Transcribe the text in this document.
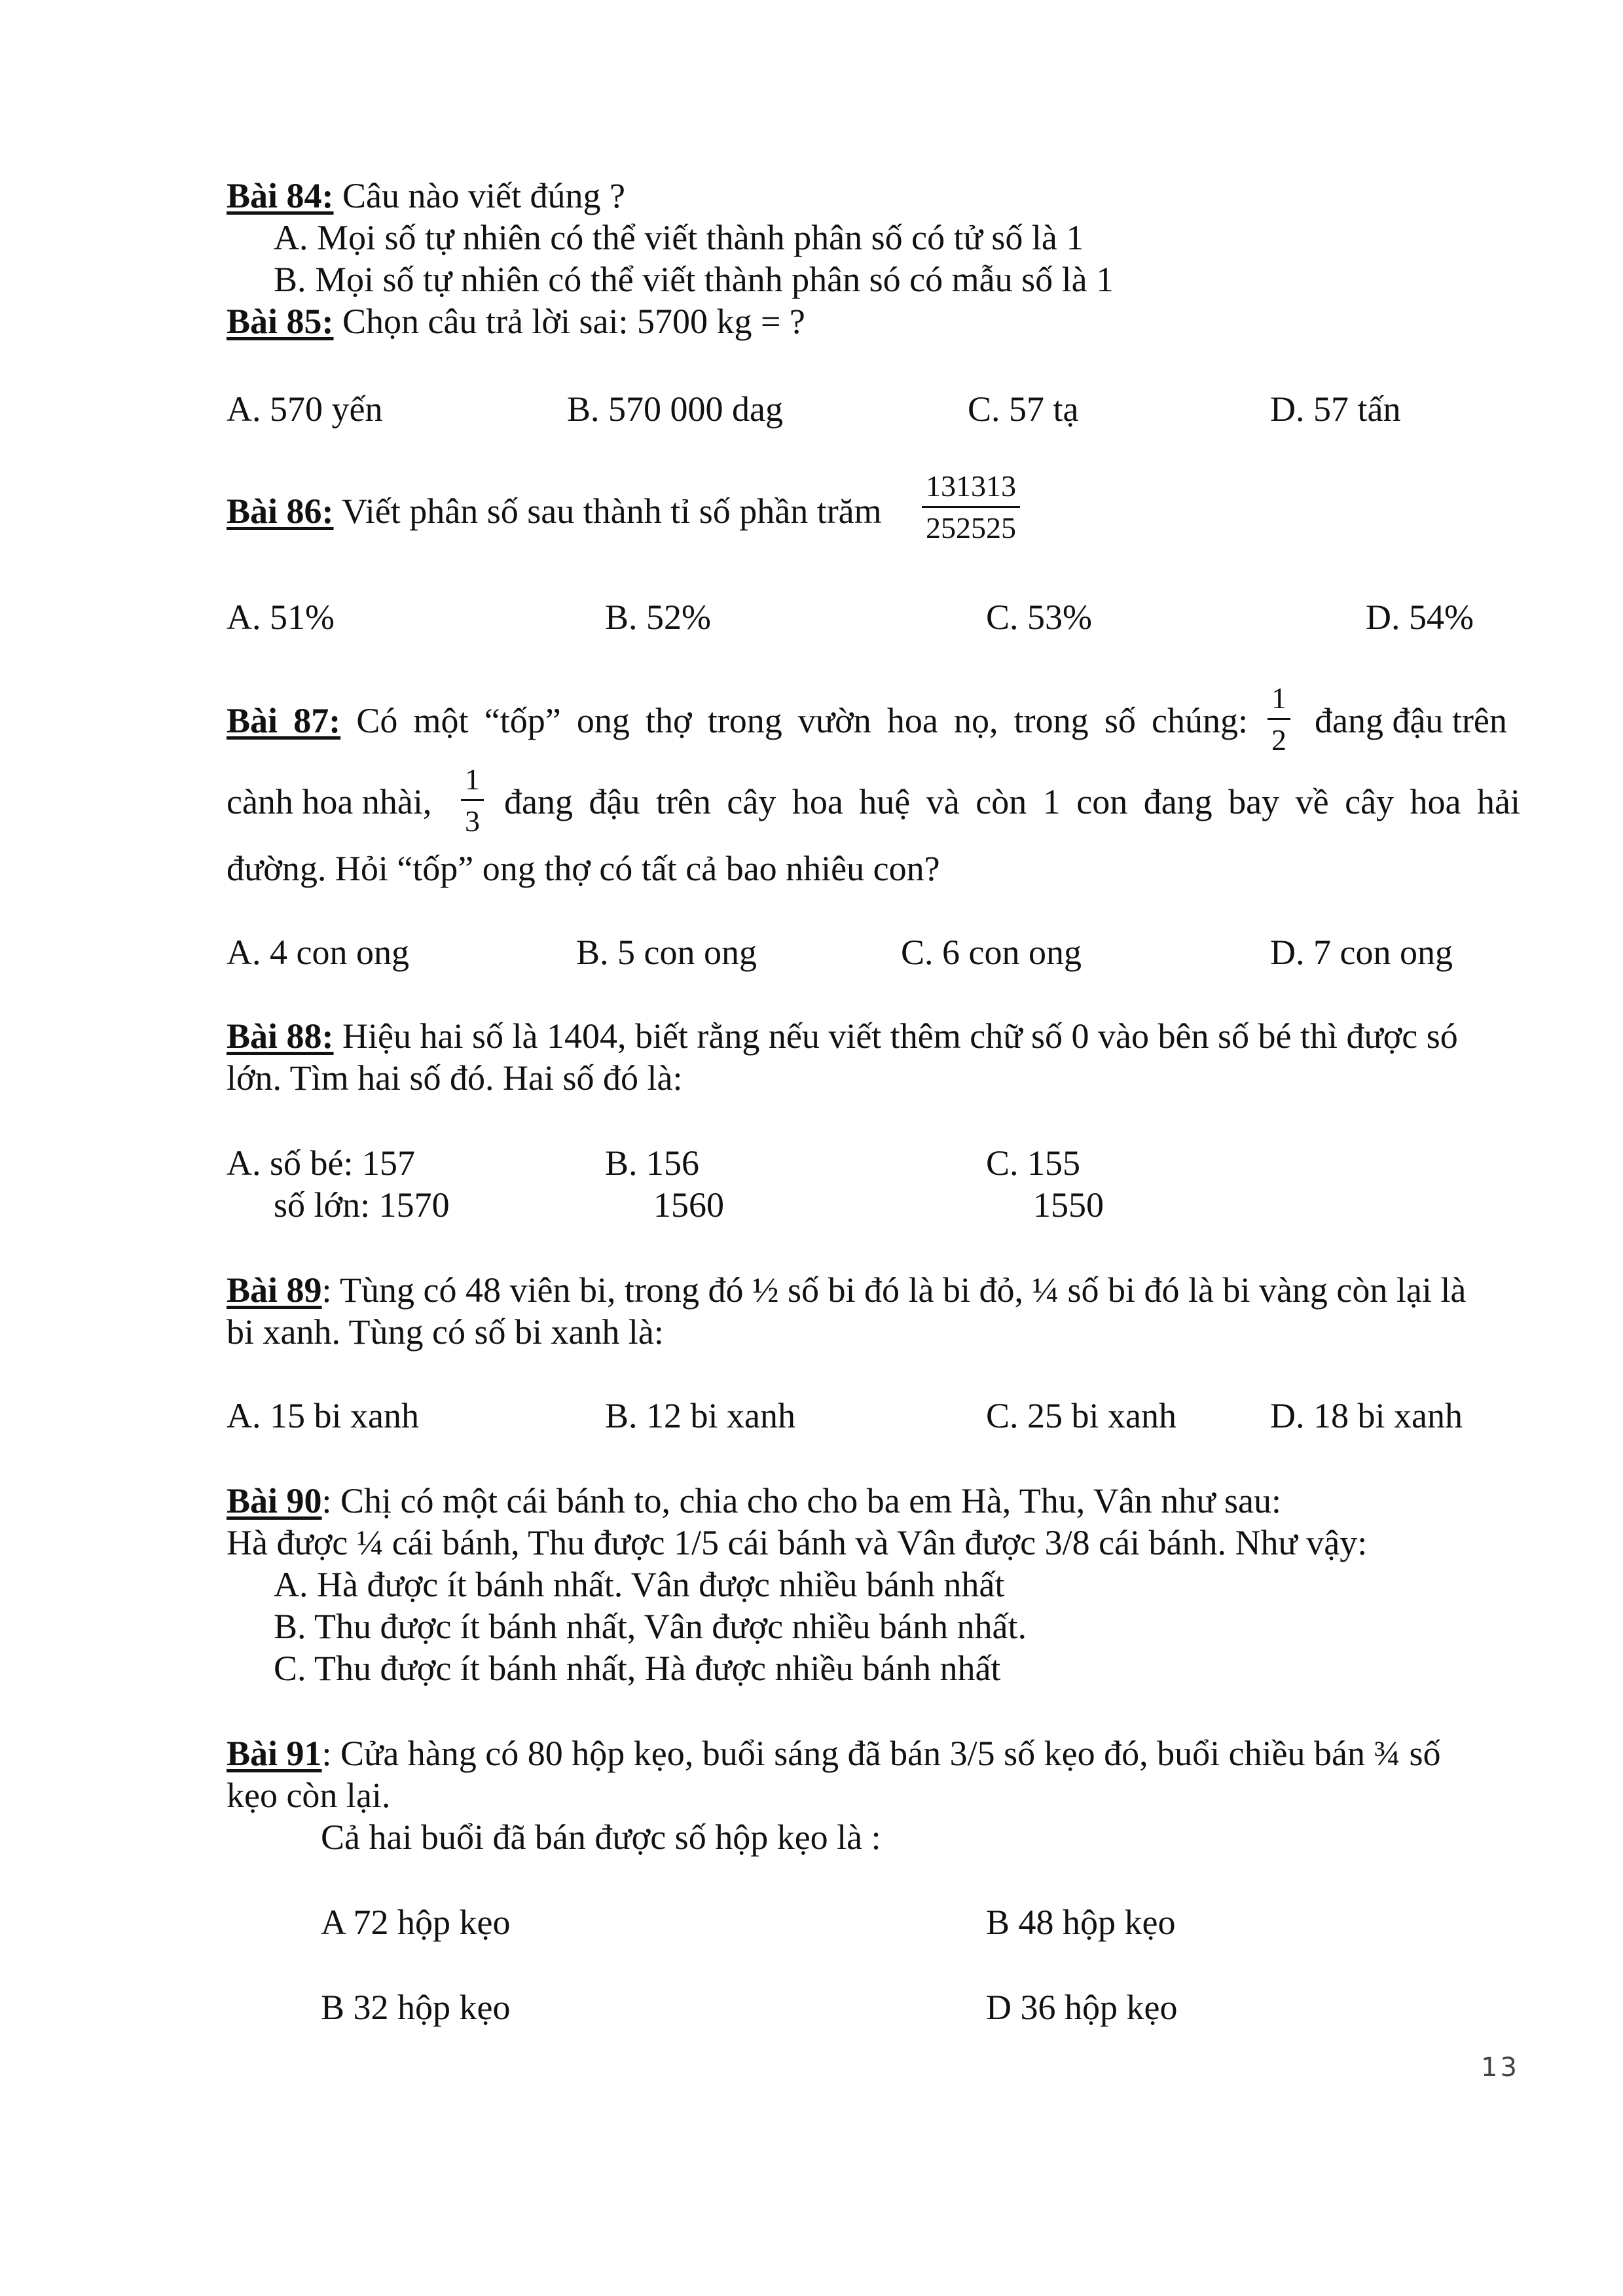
Bài 84: Câu nào viết đúng ?
A. Mọi số tự nhiên có thể viết thành phân số có tử số là 1
B. Mọi số tự nhiên có thể viết thành phân só có mẫu số là 1
Bài 85: Chọn câu trả lời sai: 5700 kg = ?
A. 570 yến	B. 570 000 dag	C. 57 tạ	D. 57 tấn
Bài 86: Viết phân số sau thành tỉ số phần trăm $\frac{131313}{252525}$
A. 51%	B. 52%	C. 53%	D. 54%
Bài 87: Có một “tốp” ong thợ trong vườn hoa nọ, trong số chúng: $\frac{1}{2}$ đang đậu trên
cành hoa nhài, $\frac{1}{3}$ đang đậu trên cây hoa huệ và còn 1 con đang bay về cây hoa hải
đường. Hỏi “tốp” ong thợ có tất cả bao nhiêu con?
A. 4 con ong	B. 5 con ong	C. 6 con ong	D. 7 con ong
Bài 88: Hiệu hai số là 1404, biết rằng nếu viết thêm chữ số 0 vào bên số bé thì được só
lớn. Tìm hai số đó. Hai số đó là:
A. số bé: 157
số lớn: 1570
B. 156
1560
C. 155
1550
Bài 89: Tùng có 48 viên bi, trong đó ½ số bi đó là bi đỏ, ¼ số bi đó là bi vàng còn lại là
bi xanh. Tùng có số bi xanh là:
A. 15 bi xanh	B. 12 bi xanh	C. 25 bi xanh	D. 18 bi xanh
Bài 90: Chị có một cái bánh to, chia cho cho ba em Hà, Thu, Vân như sau:
Hà được ¼ cái bánh, Thu được 1/5 cái bánh và Vân được 3/8 cái bánh. Như vậy:
A. Hà được ít bánh nhất. Vân được nhiều bánh nhất
B. Thu được ít bánh nhất, Vân được nhiều bánh nhất.
C. Thu được ít bánh nhất, Hà được nhiều bánh nhất
Bài 91: Cửa hàng có 80 hộp kẹo, buổi sáng đã bán 3/5 số kẹo đó, buổi chiều bán ¾ số
kẹo còn lại.
Cả hai buổi đã bán được số hộp kẹo là :
A 72 hộp kẹo	B 48 hộp kẹo
B 32 hộp kẹo	D 36 hộp kẹo
13
